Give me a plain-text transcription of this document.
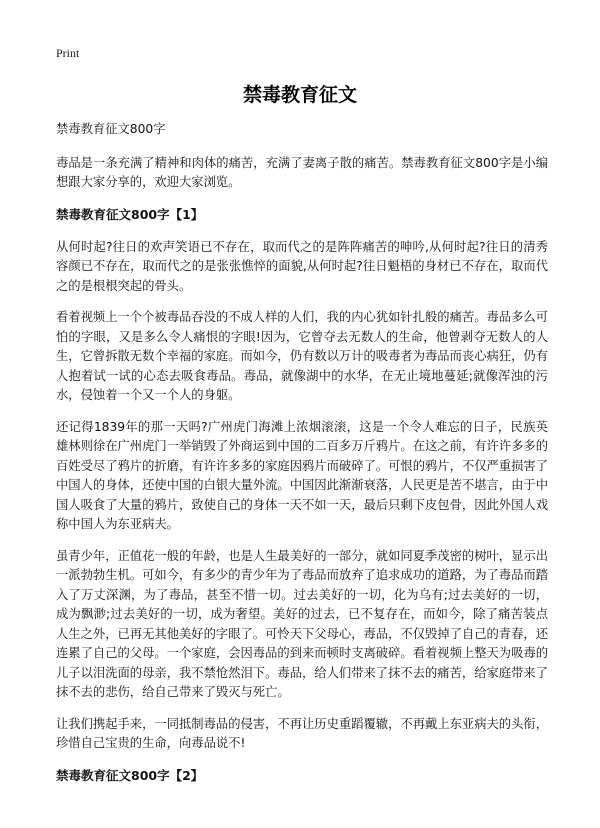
Print
禁毒教育征文

禁毒教育征文800字

毒品是一条充满了精神和肉体的痛苦，充满了妻离子散的痛苦。禁毒教育征文800字是小编想跟大家分享的，欢迎大家浏览。

禁毒教育征文800字【1】

从何时起?往日的欢声笑语已不存在，取而代之的是阵阵痛苦的呻吟,从何时起?往日的清秀容颜已不存在，取而代之的是张张憔悴的面貌,从何时起?往日魁梧的身材已不存在，取而代之的是根根突起的骨头。

看着视频上一个个被毒品吞没的不成人样的人们，我的内心犹如针扎般的痛苦。毒品多么可怕的字眼，又是多么令人痛恨的字眼!因为，它曾夺去无数人的生命，他曾剥夺无数人的人生，它曾拆散无数个幸福的家庭。而如今，仍有数以万计的吸毒者为毒品而丧心病狂，仍有人抱着试一试的心态去吸食毒品。毒品，就像湖中的水华，在无止境地蔓延;就像浑浊的污水，侵蚀着一个又一个人的身躯。

还记得1839年的那一天吗?广州虎门海滩上浓烟滚滚，这是一个令人难忘的日子，民族英雄林则徐在广州虎门一举销毁了外商运到中国的二百多万斤鸦片。在这之前，有许许多多的百姓受尽了鸦片的折磨，有许许多多的家庭因鸦片而破碎了。可恨的鸦片，不仅严重损害了中国人的身体，还使中国的白银大量外流。中国因此渐渐衰落，人民更是苦不堪言，由于中国人吸食了大量的鸦片，致使自己的身体一天不如一天，最后只剩下皮包骨，因此外国人戏称中国人为东亚病夫。

虽青少年，正值花一般的年龄，也是人生最美好的一部分，就如同夏季茂密的树叶，显示出一派勃勃生机。可如今，有多少的青少年为了毒品而放弃了追求成功的道路，为了毒品而踏入了万丈深渊，为了毒品，甚至不惜一切。过去美好的一切，化为乌有;过去美好的一切，成为飘渺;过去美好的一切，成为奢望。美好的过去，已不复存在，而如今，除了痛苦装点人生之外，已再无其他美好的字眼了。可怜天下父母心，毒品，不仅毁掉了自己的青春，还连累了自己的父母。一个家庭，会因毒品的到来而顿时支离破碎。看着视频上整天为吸毒的儿子以泪洗面的母亲，我不禁怆然泪下。毒品，给人们带来了抹不去的痛苦，给家庭带来了抹不去的悲伤，给自己带来了毁灭与死亡。

让我们携起手来，一同抵制毒品的侵害，不再让历史重蹈覆辙，不再戴上东亚病夫的头衔，珍惜自己宝贵的生命，向毒品说不!

禁毒教育征文800字【2】
